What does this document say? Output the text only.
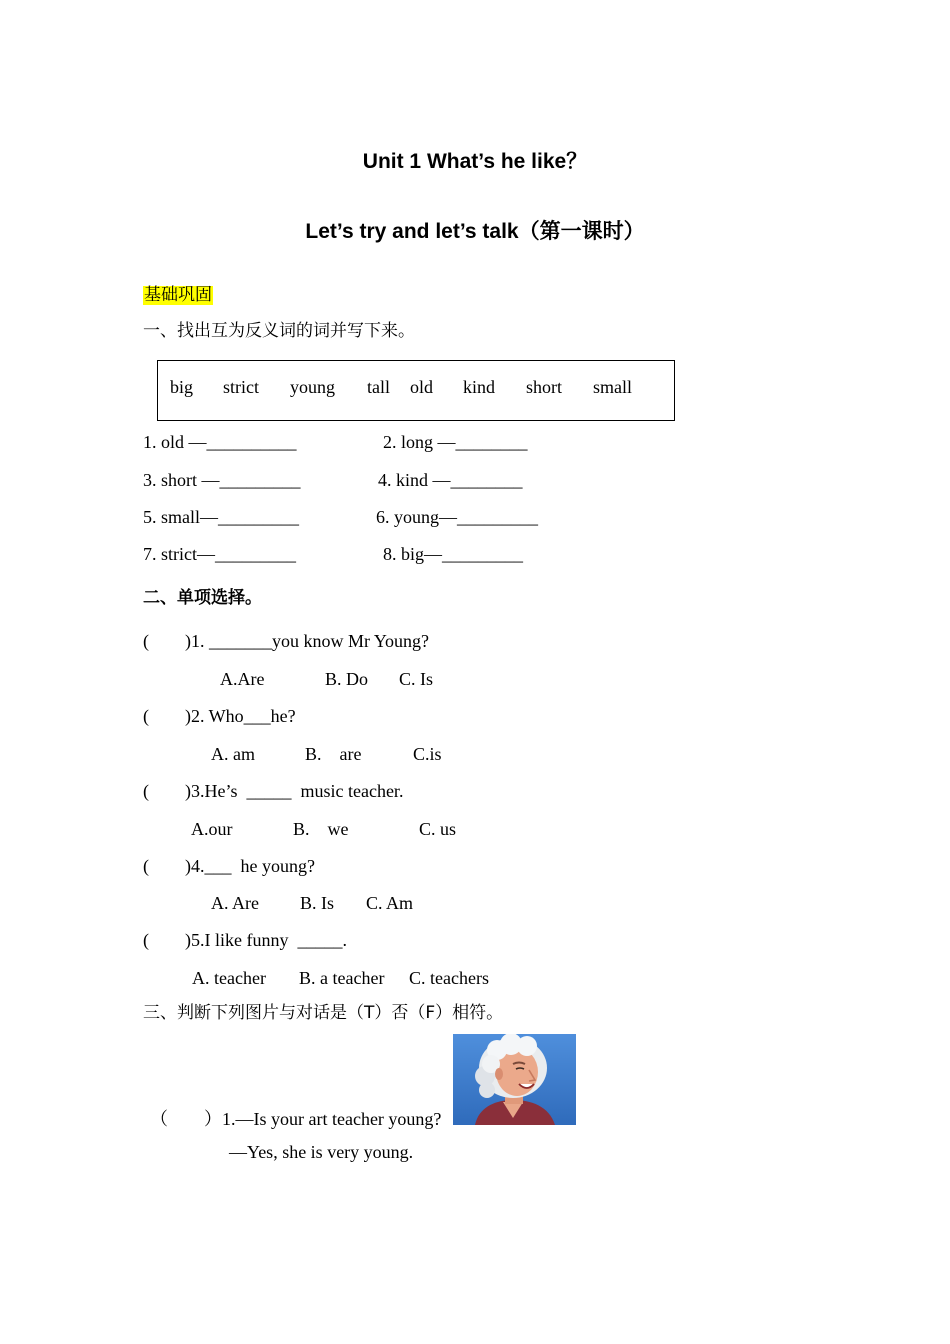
Unit 1 What’s he like？
Let’s try and let’s talk（第一课时）
基础巩固
一、找出互为反义词的词并写下来。
big strict young tall old kind short small
1. old —__________	2. long —________
3. short —_________	4. kind —________
5. small—_________	6. young—_________
7. strict—_________	8. big—_________
二、单项选择。
(        )1. _______you know Mr Young?
A.Are	B. Do C. Is
(        )2. Who___he?
A. am	B.    are	C.is
(        )3.He’s  _____  music teacher.
A.our	B.    we	C. us
(        )4.___  he young?
A. Are B. Is C. Am
(        )5.I like funny  _____.
A. teacher B. a teacher C. teachers
三、判断下列图片与对话是（T）否（F）相符。
（        ）1.—Is your art teacher young?
—Yes, she is very young.
